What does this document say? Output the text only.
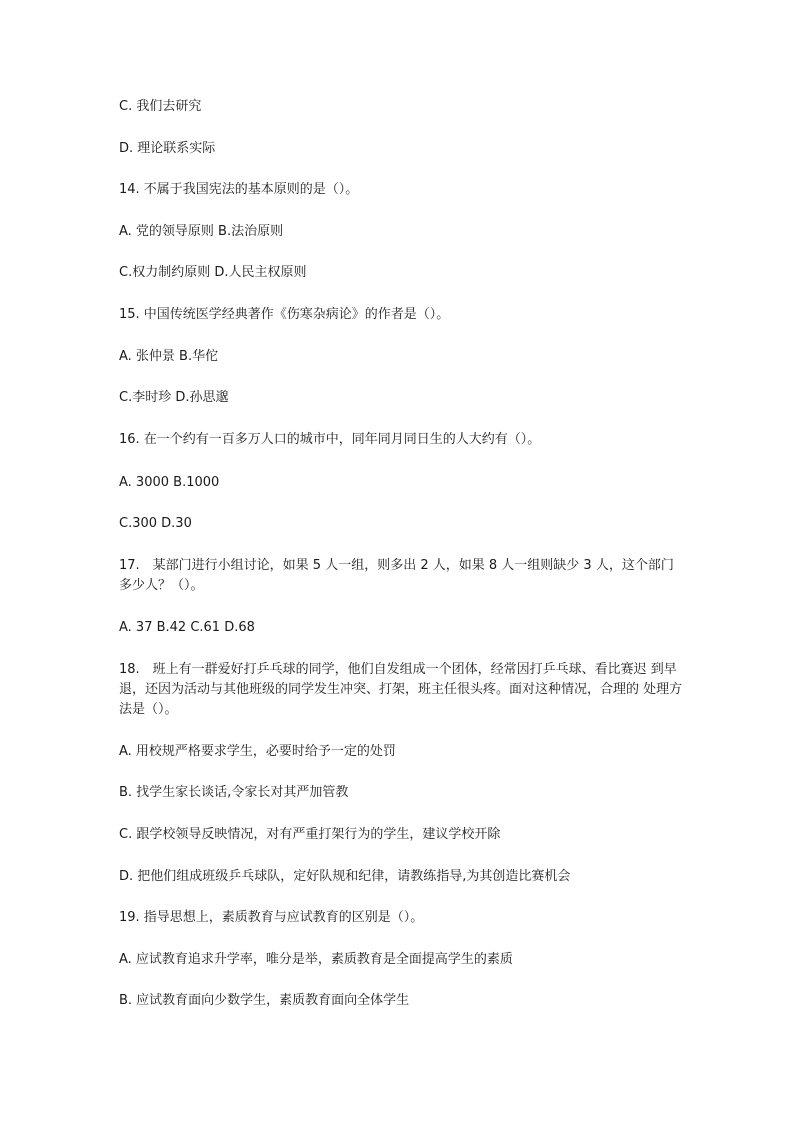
C. 我们去研究
D. 理论联系实际
14. 不属于我国宪法的基本原则的是（）。
A. 党的领导原则 B.法治原则
C.权力制约原则 D.人民主权原则
15. 中国传统医学经典著作《伤寒杂病论》的作者是（）。
A. 张仲景 B.华佗
C.李时珍 D.孙思邈
16. 在一个约有一百多万人口的城市中，同年同月同日生的人大约有（）。
A. 3000 B.1000
C.300 D.30
17.　某部门进行小组讨论，如果 5 人一组，则多出 2 人，如果 8 人一组则缺少 3 人，这个部门 多少人？（）。
A. 37 B.42 C.61 D.68
18.　班上有一群爱好打乒乓球的同学，他们自发组成一个团体，经常因打乒乓球、看比赛迟 到早退，还因为活动与其他班级的同学发生冲突、打架，班主任很头疼。面对这种情况，合理的 处理方法是（）。
A. 用校规严格要求学生，必要时给予一定的处罚
B. 找学生家长谈话,令家长对其严加管教
C. 跟学校领导反映情况，对有严重打架行为的学生，建议学校开除
D. 把他们组成班级乒乓球队，定好队规和纪律，请教练指导,为其创造比赛机会
19. 指导思想上，素质教育与应试教育的区别是（）。
A. 应试教育追求升学率，唯分是举，素质教育是全面提高学生的素质
B. 应试教育面向少数学生，素质教育面向全体学生
